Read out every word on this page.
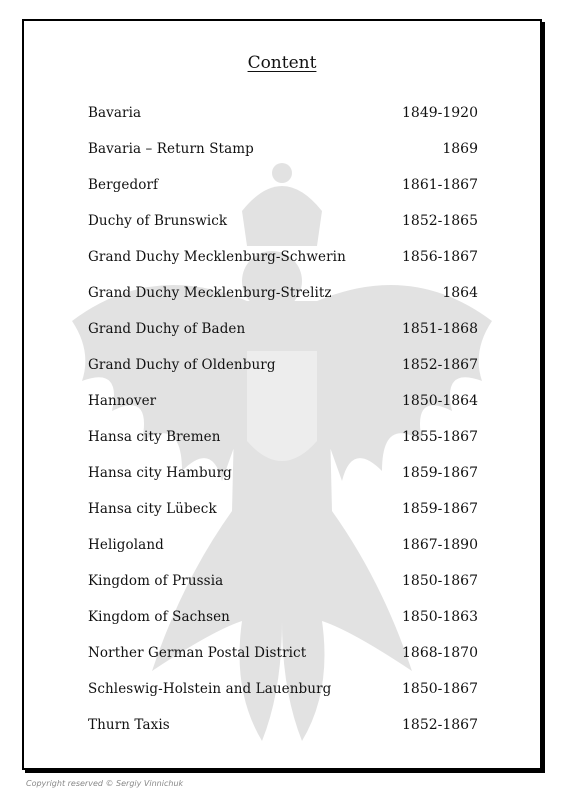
Content
Bavaria	1849-1920
Bavaria – Return Stamp	1869
Bergedorf	1861-1867
Duchy of Brunswick	1852-1865
Grand Duchy Mecklenburg-Schwerin	1856-1867
Grand Duchy Mecklenburg-Strelitz	1864
Grand Duchy of Baden	1851-1868
Grand Duchy of Oldenburg	1852-1867
Hannover	1850-1864
Hansa city Bremen	1855-1867
Hansa city Hamburg	1859-1867
Hansa city Lübeck	1859-1867
Heligoland	1867-1890
Kingdom of Prussia	1850-1867
Kingdom of Sachsen	1850-1863
Norther German Postal District	1868-1870
Schleswig-Holstein and Lauenburg	1850-1867
Thurn Taxis	1852-1867
Copyright reserved © Sergiy Vinnichuk
